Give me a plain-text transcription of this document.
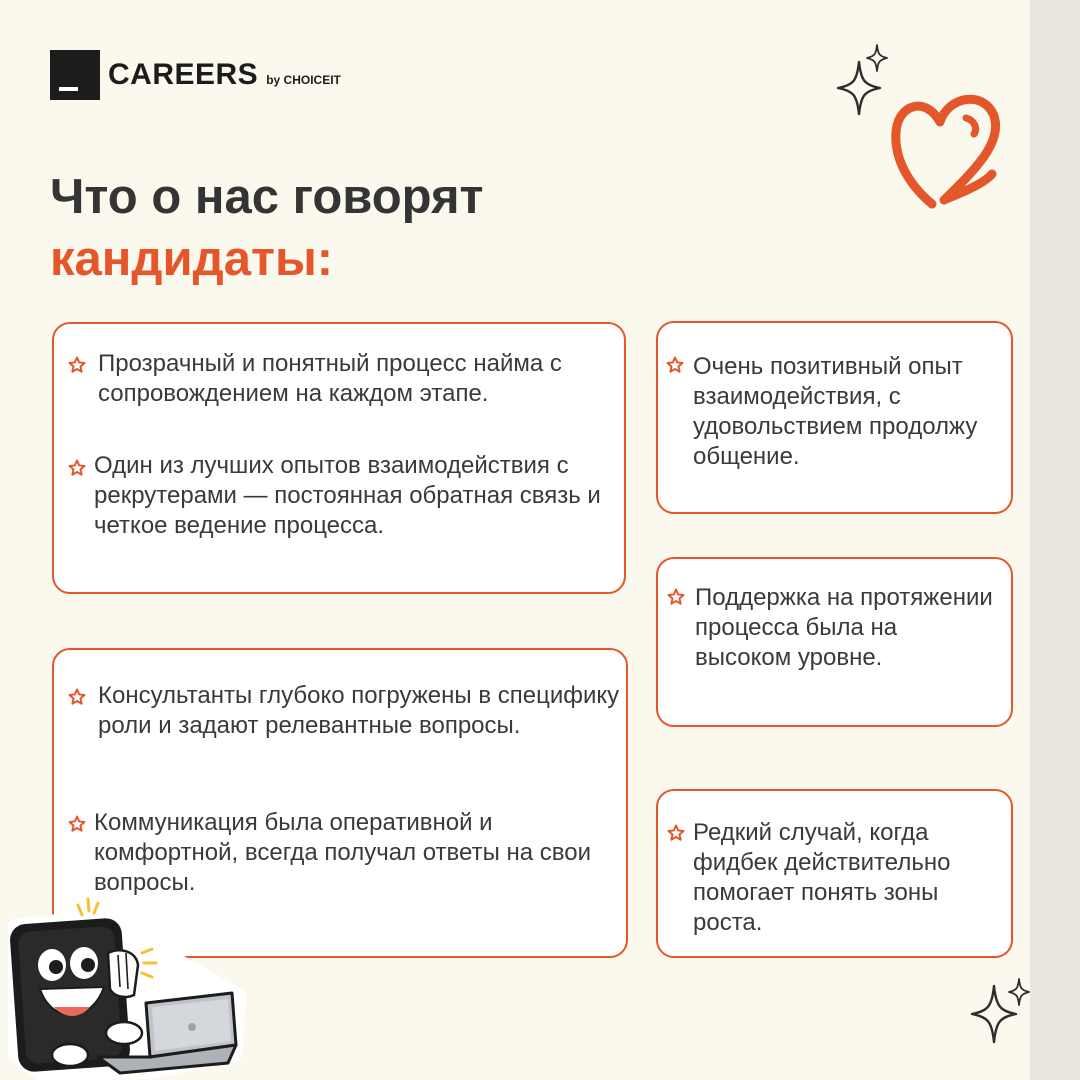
CAREERS by CHOICEIT
Что о нас говорят
кандидаты:
Прозрачный и понятный процесс найма с сопровождением на каждом этапе.
Один из лучших опытов взаимодействия с рекрутерами — постоянная обратная связь и четкое ведение процесса.
Консультанты глубоко погружены в специфику роли и задают релевантные вопросы.
Коммуникация была оперативной и комфортной, всегда получал ответы на свои вопросы.
Очень позитивный опыт взаимодействия, с удовольствием продолжу общение.
Поддержка на протяжении процесса была на высоком уровне.
Редкий случай, когда фидбек действительно помогает понять зоны роста.
